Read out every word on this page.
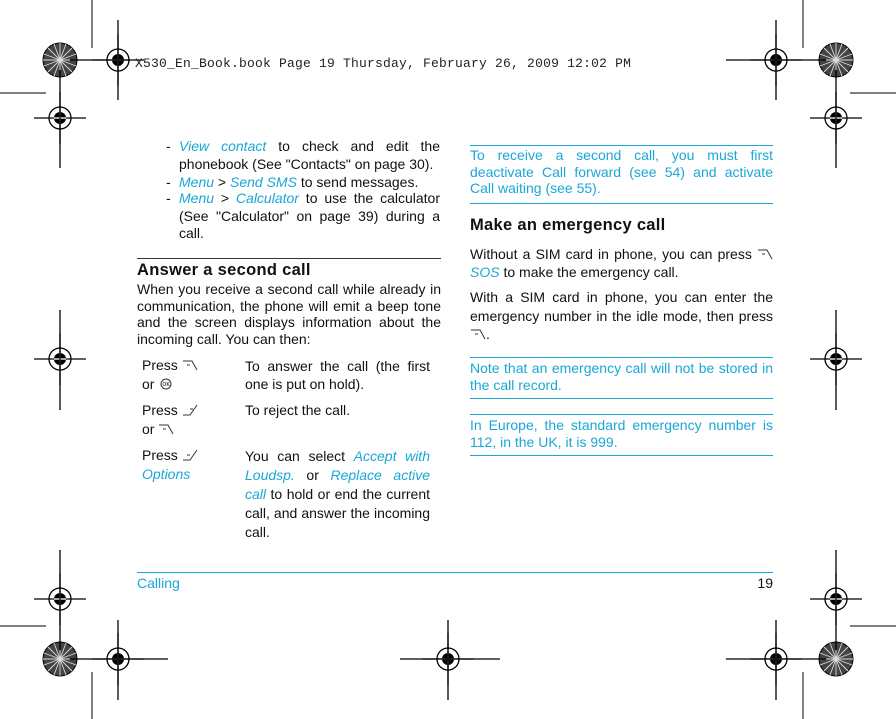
X530_En_Book.book Page 19 Thursday, February 26, 2009 12:02 PM
- View contact to check and edit the phonebook (See "Contacts" on page 30).
- Menu > Send SMS to send messages.
- Menu > Calculator to use the calculator (See "Calculator" on page 39) during a call.
Answer a second call

When you receive a second call while already in communication, the phone will emit a beep tone and the screen displays information about the incoming call. You can then:

Press
or OK
To answer the call (the first one is put on hold).
Press
or
To reject the call.
Press
Options
You can select Accept with Loudsp. or Replace active call to hold or end the current call, and answer the incoming call.

To receive a second call, you must first deactivate Call forward (see 54) and activate Call waiting (see 55).

Make an emergency call

Without a SIM card in phone, you can press SOS to make the emergency call.

With a SIM card in phone, you can enter the emergency number in the idle mode, then press .

Note that an emergency call will not be stored in the call record.

In Europe, the standard emergency number is 112, in the UK, it is 999.

Calling	19
